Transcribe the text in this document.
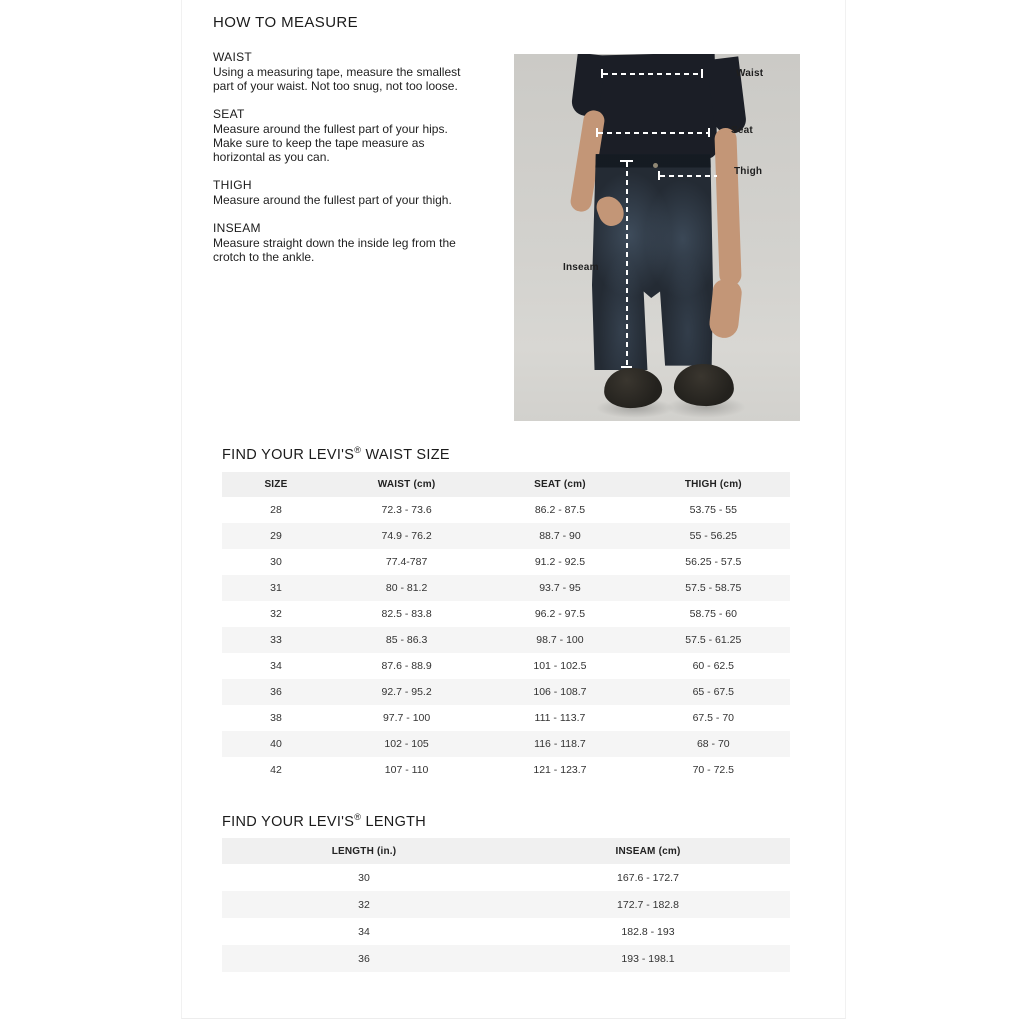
HOW TO MEASURE
WAIST

Using a measuring tape, measure the smallest part of your waist. Not too snug, not too loose.

SEAT

Measure around the fullest part of your hips. Make sure to keep the tape measure as horizontal as you can.

THIGH

Measure around the fullest part of your thigh.

INSEAM

Measure straight down the inside leg from the crotch to the ankle.

Waist
Seat
Thigh
Inseam
FIND YOUR LEVI'S® WAIST SIZE
SIZE	WAIST (cm)	SEAT (cm)	THIGH (cm)
28	72.3 - 73.6	86.2 - 87.5	53.75 - 55
29	74.9 - 76.2	88.7 - 90	55 - 56.25
30	77.4-787	91.2 - 92.5	56.25 - 57.5
31	80 - 81.2	93.7 - 95	57.5 - 58.75
32	82.5 - 83.8	96.2 - 97.5	58.75 - 60
33	85 - 86.3	98.7 - 100	57.5 - 61.25
34	87.6 - 88.9	101 - 102.5	60 - 62.5
36	92.7 - 95.2	106 - 108.7	65 - 67.5
38	97.7 - 100	111 - 113.7	67.5 - 70
40	102 - 105	116 - 118.7	68 - 70
42	107 - 110	121 - 123.7	70 - 72.5
FIND YOUR LEVI'S® LENGTH
LENGTH (in.)	INSEAM (cm)
30	167.6 - 172.7
32	172.7 - 182.8
34	182.8 - 193
36	193 - 198.1
